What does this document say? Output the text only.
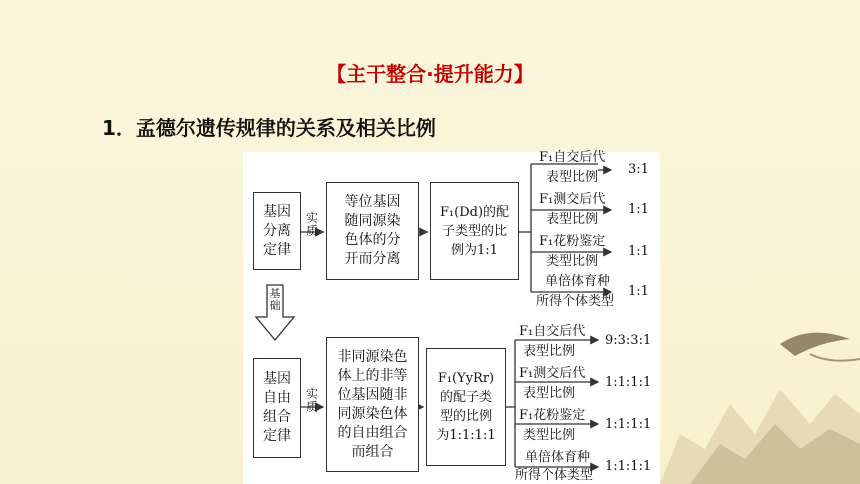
【主干整合·提升能力】
1．孟德尔遗传规律的关系及相关比例
基因
分离
定律
实 质
等位基因
随同源染
色体的分
开而分离
F₁(Dd)的配
子类型的比
例为1:1
F₁自交后代
表型比例
3:1
F₁测交后代
表型比例
1:1
F₁花粉鉴定
类型比例
1:1
单倍体育种
所得个体类型
1:1
基 础
基因
自由
组合
定律
实 质
非同源染色
体上的非等
位基因随非
同源染色体
的自由组合
而组合
F₁(YyRr)
的配子类
型的比例
为1:1:1:1
F₁自交后代
表型比例
9:3:3:1
F₁测交后代
表型比例
1:1:1:1
F₁花粉鉴定
类型比例
1:1:1:1
单倍体育种
所得个体类型
1:1:1:1
